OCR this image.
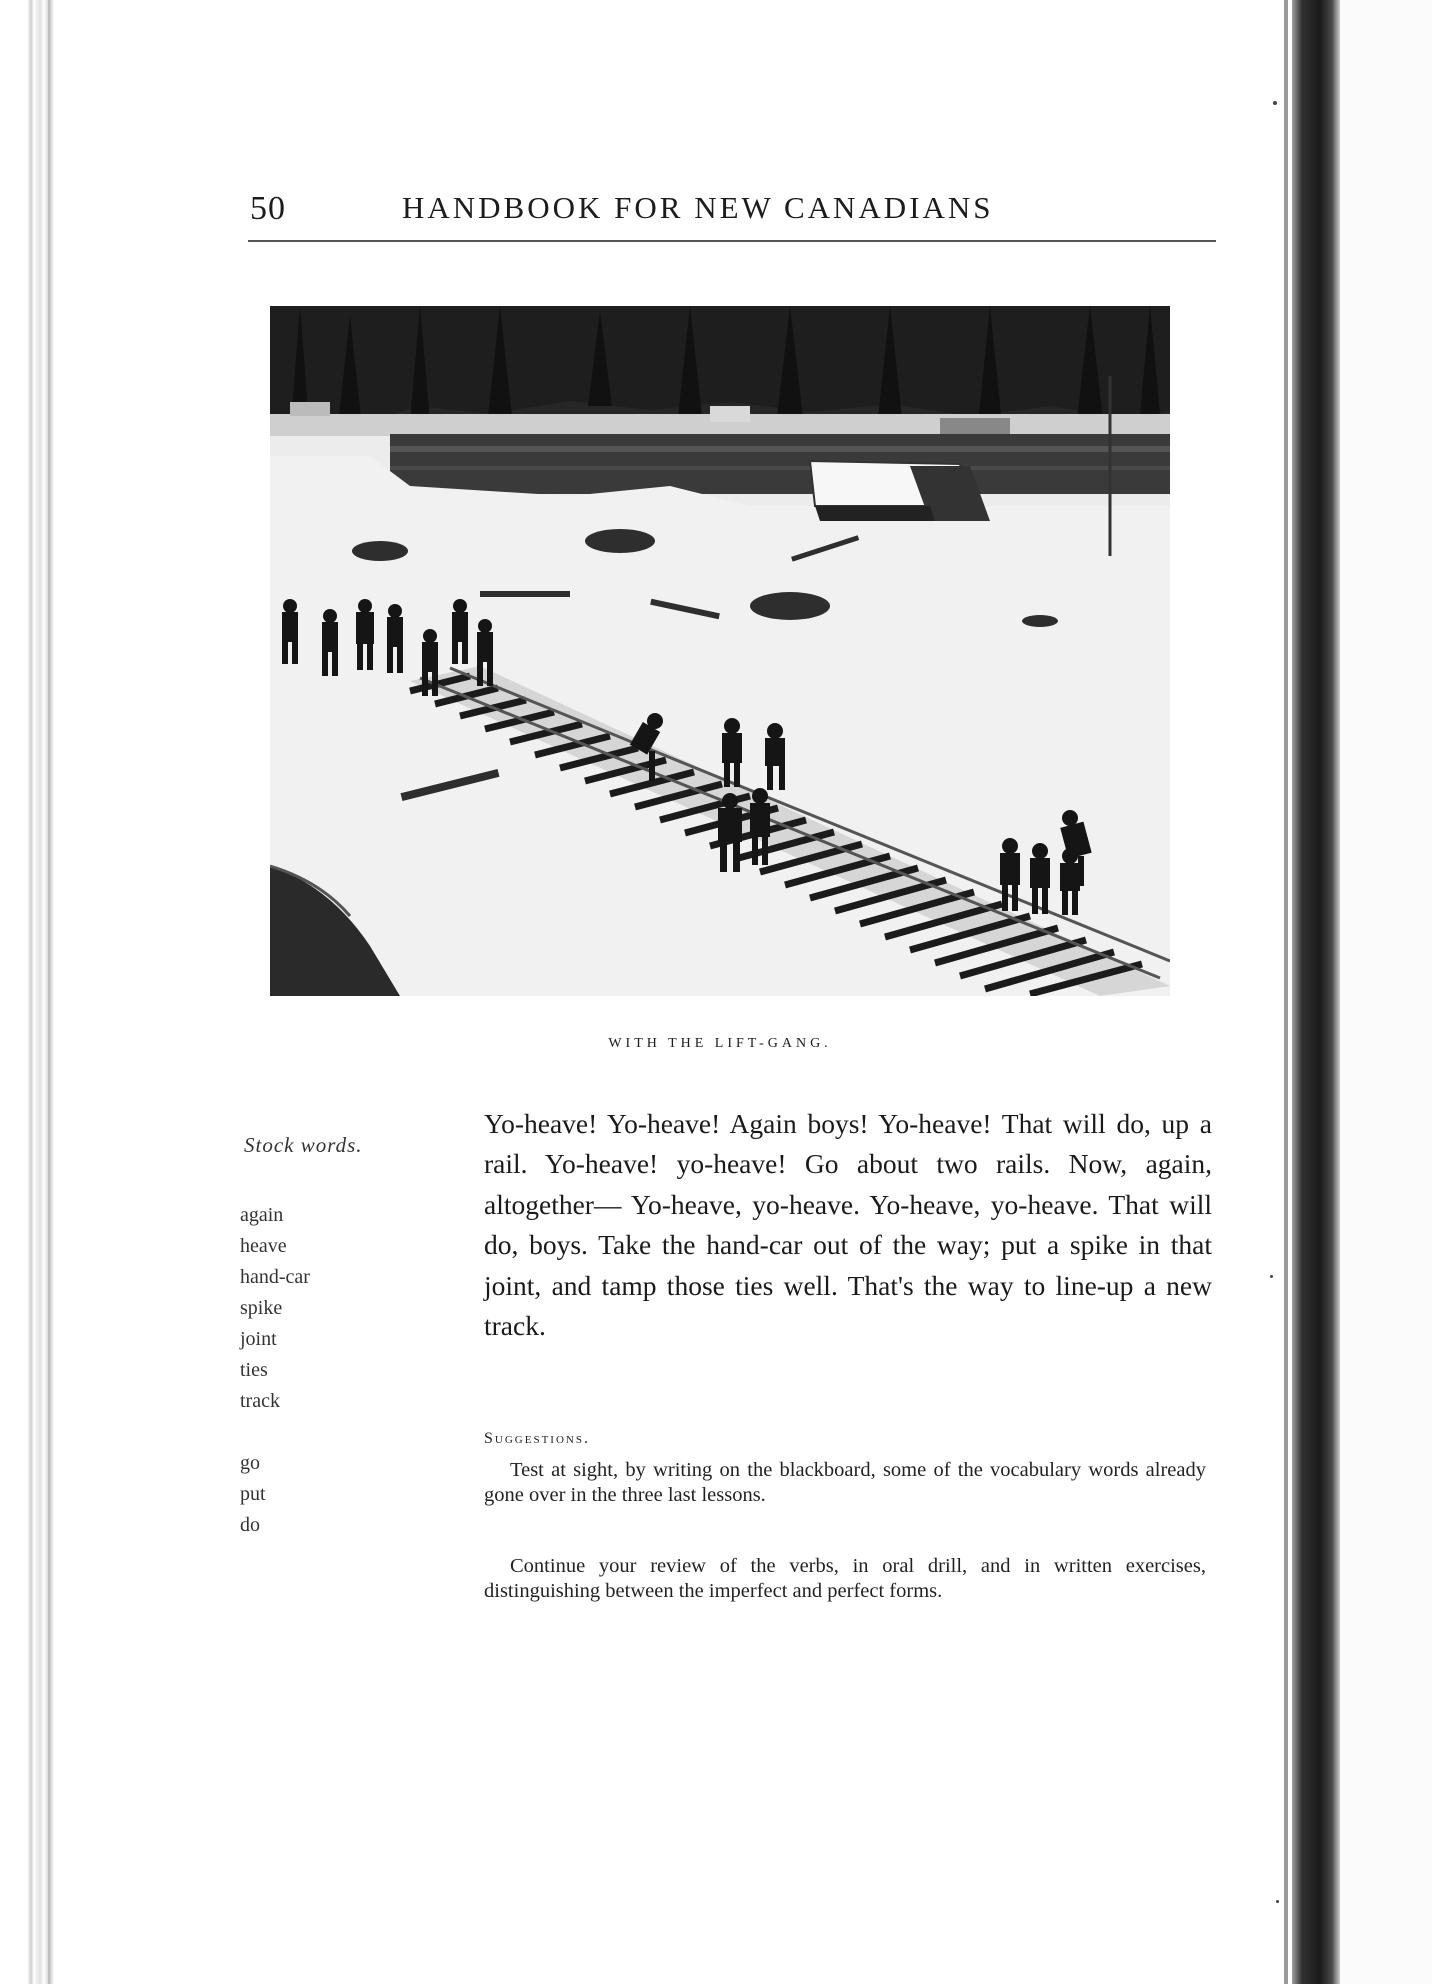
50	HANDBOOK FOR NEW CANADIANS
WITH THE LIFT-GANG.
Stock words.
again
heave
hand-car
spike
joint
ties
track
go
put
do
Yo-heave! Yo-heave! Again boys! Yo-heave! That will do, up a rail. Yo-heave! yo-heave! Go about two rails. Now, again, altogether— Yo-heave, yo-heave. Yo-heave, yo-heave. That will do, boys. Take the hand-car out of the way; put a spike in that joint, and tamp those ties well. That's the way to line-up a new track.
Suggestions.
Test at sight, by writing on the blackboard, some of the vocabulary words already gone over in the three last lessons.
Continue your review of the verbs, in oral drill, and in written exercises, distinguishing between the imperfect and perfect forms.
